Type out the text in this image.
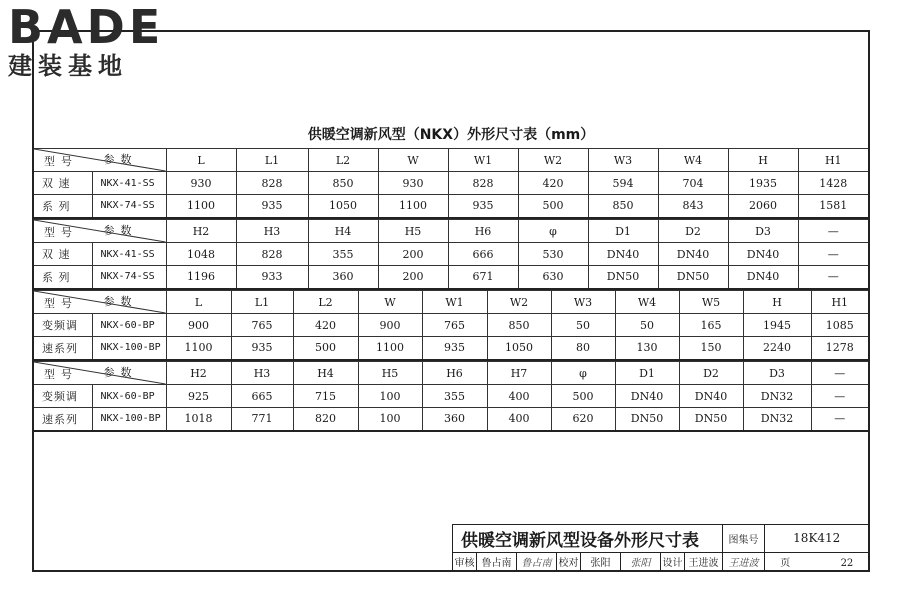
BADE
建装基地
供暖空调新风型（NKX）外形尺寸表（mm）
参数
型号		L	L1	L2	W	W1	W2	W3	W4	H	H1
双 速	NKX-41-SS	930	828	850	930	828	420	594	704	1935	1428
系 列	NKX-74-SS	1100	935	1050	1100	935	500	850	843	2060	1581
参数
型号		H2	H3	H4	H5	H6	φ	D1	D2	D3	—
双 速	NKX-41-SS	1048	828	355	200	666	530	DN40	DN40	DN40	—
系 列	NKX-74-SS	1196	933	360	200	671	630	DN50	DN50	DN40	—
参数
型号		L	L1	L2	W	W1	W2	W3	W4	W5	H	H1
变频调	NKX-60-BP	900	765	420	900	765	850	50	50	165	1945	1085
速系列	NKX-100-BP	1100	935	500	1100	935	1050	80	130	150	2240	1278
参数
型号		H2	H3	H4	H5	H6	H7	φ	D1	D2	D3	—
变频调	NKX-60-BP	925	665	715	100	355	400	500	DN40	DN40	DN32	—
速系列	NKX-100-BP	1018	771	820	100	360	400	620	DN50	DN50	DN32	—
供暖空调新风型设备外形尺寸表								图集号	18K412
审核	鲁占南	鲁占南	校对	张阳	张阳	设计	王进波	王进波	页 22
